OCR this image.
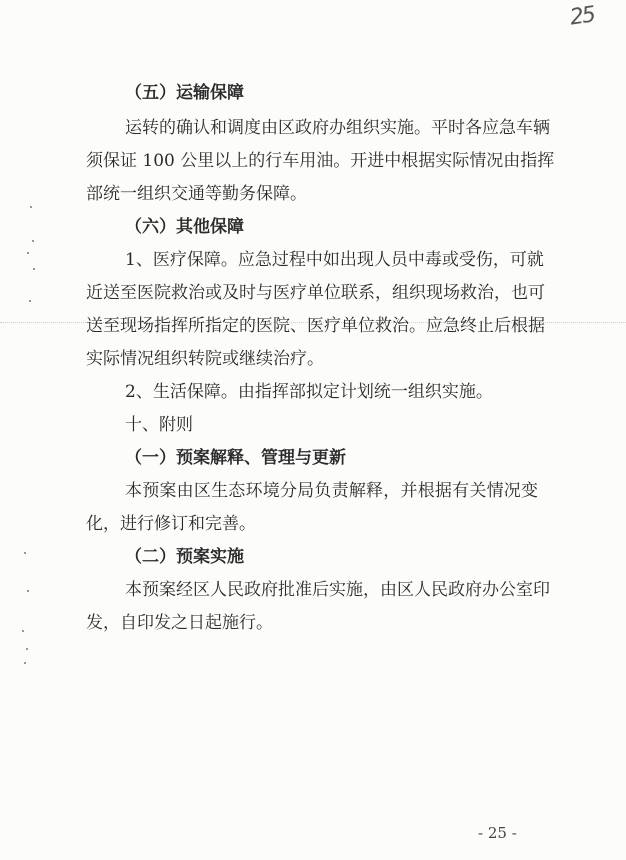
25
（五）运输保障
运转的确认和调度由区政府办组织实施。平时各应急车辆
须保证 100 公里以上的行车用油。开进中根据实际情况由指挥
部统一组织交通等勤务保障。
（六）其他保障
1、医疗保障。应急过程中如出现人员中毒或受伤，可就
近送至医院救治或及时与医疗单位联系，组织现场救治，也可
送至现场指挥所指定的医院、医疗单位救治。应急终止后根据
实际情况组织转院或继续治疗。
2、生活保障。由指挥部拟定计划统一组织实施。
十、附则
（一）预案解释、管理与更新
本预案由区生态环境分局负责解释，并根据有关情况变
化，进行修订和完善。
（二）预案实施
本预案经区人民政府批准后实施，由区人民政府办公室印
发，自印发之日起施行。
- 25 -
